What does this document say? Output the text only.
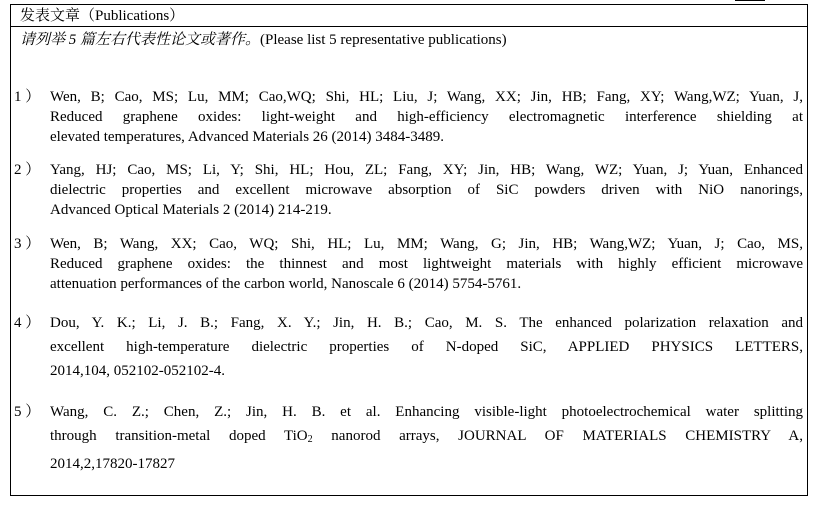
发表文章（Publications）
请列举 5 篇左右代表性论文或著作。(Please list 5 representative publications)
1 ） Wen, B; Cao, MS; Lu, MM; Cao,WQ; Shi, HL; Liu, J; Wang, XX; Jin, HB; Fang, XY; Wang,WZ; Yuan, J,
Reduced graphene oxides: light-weight and high-efficiency electromagnetic interference shielding at
elevated temperatures, Advanced Materials 26 (2014) 3484-3489.
2 ） Yang, HJ; Cao, MS; Li, Y; Shi, HL; Hou, ZL; Fang, XY; Jin, HB; Wang, WZ; Yuan, J; Yuan, Enhanced
dielectric properties and excellent microwave absorption of SiC powders driven with NiO nanorings,
Advanced Optical Materials 2 (2014) 214-219.
3 ） Wen, B; Wang, XX; Cao, WQ; Shi, HL; Lu, MM; Wang, G; Jin, HB; Wang,WZ; Yuan, J; Cao, MS,
Reduced graphene oxides: the thinnest and most lightweight materials with highly efficient microwave
attenuation performances of the carbon world, Nanoscale 6 (2014) 5754-5761.
4 ） Dou, Y. K.; Li, J. B.; Fang, X. Y.; Jin, H. B.; Cao, M. S. The enhanced polarization relaxation and
excellent high-temperature dielectric properties of N-doped SiC, APPLIED PHYSICS LETTERS,
2014,104, 052102-052102-4.
5 ） Wang, C. Z.; Chen, Z.; Jin, H. B. et al. Enhancing visible-light photoelectrochemical water splitting
through transition-metal doped TiO$_2$ nanorod arrays, JOURNAL OF MATERIALS CHEMISTRY A,
2014,2,17820-17827
